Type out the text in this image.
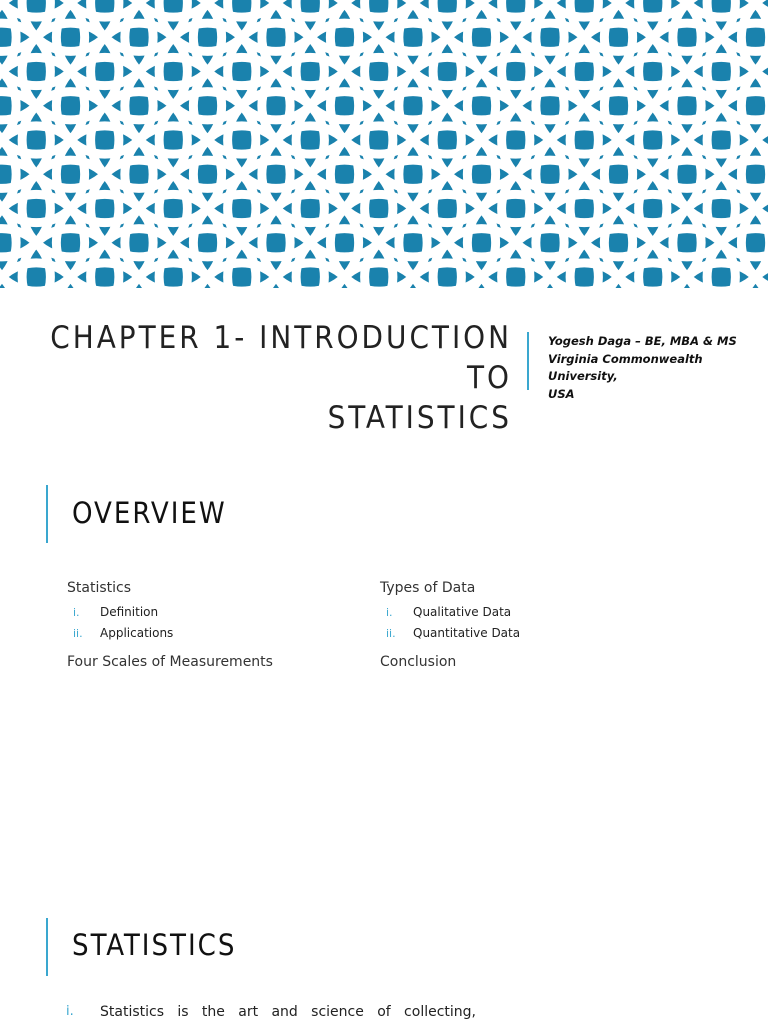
CHAPTER 1- INTRODUCTION TO
STATISTICS
Yogesh Daga – BE, MBA & MS
Virginia Commonwealth University,
USA
OVERVIEW
Statistics
i.	Definition
ii.	Applications
Four Scales of Measurements
Types of Data
i.	Qualitative Data
ii.	Quantitative Data
Conclusion
STATISTICS
i.	Statistics is the art and science of collecting,
